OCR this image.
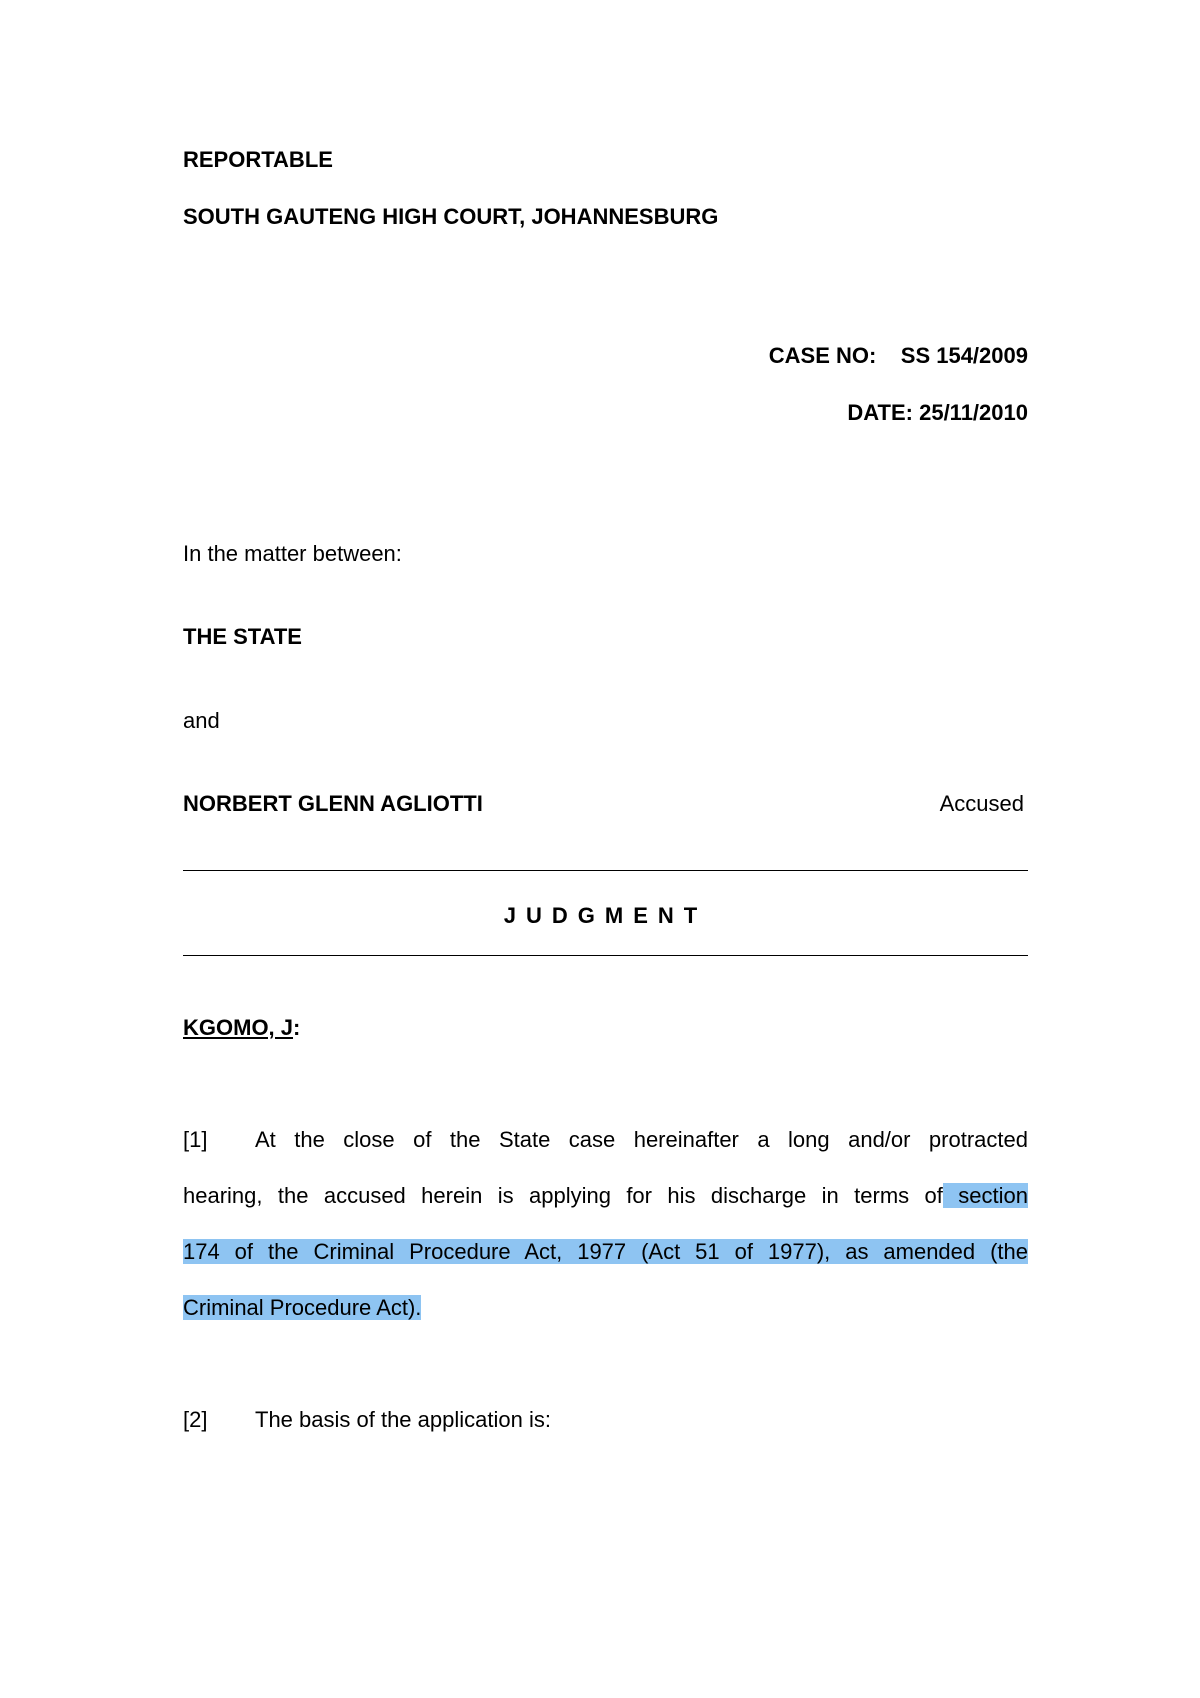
REPORTABLE
SOUTH GAUTENG HIGH COURT, JOHANNESBURG
CASE NO: SS 154/2009
DATE: 25/11/2010
In the matter between:
THE STATE
and
NORBERT GLENN AGLIOTTI	Accused
JUDGMENT
KGOMO, J:
[1] At the close of the State case hereinafter a long and/or protracted
hearing, the accused herein is applying for his discharge in terms of section
174 of the Criminal Procedure Act, 1977 (Act 51 of 1977), as amended (the
Criminal Procedure Act).
[2] The basis of the application is:
